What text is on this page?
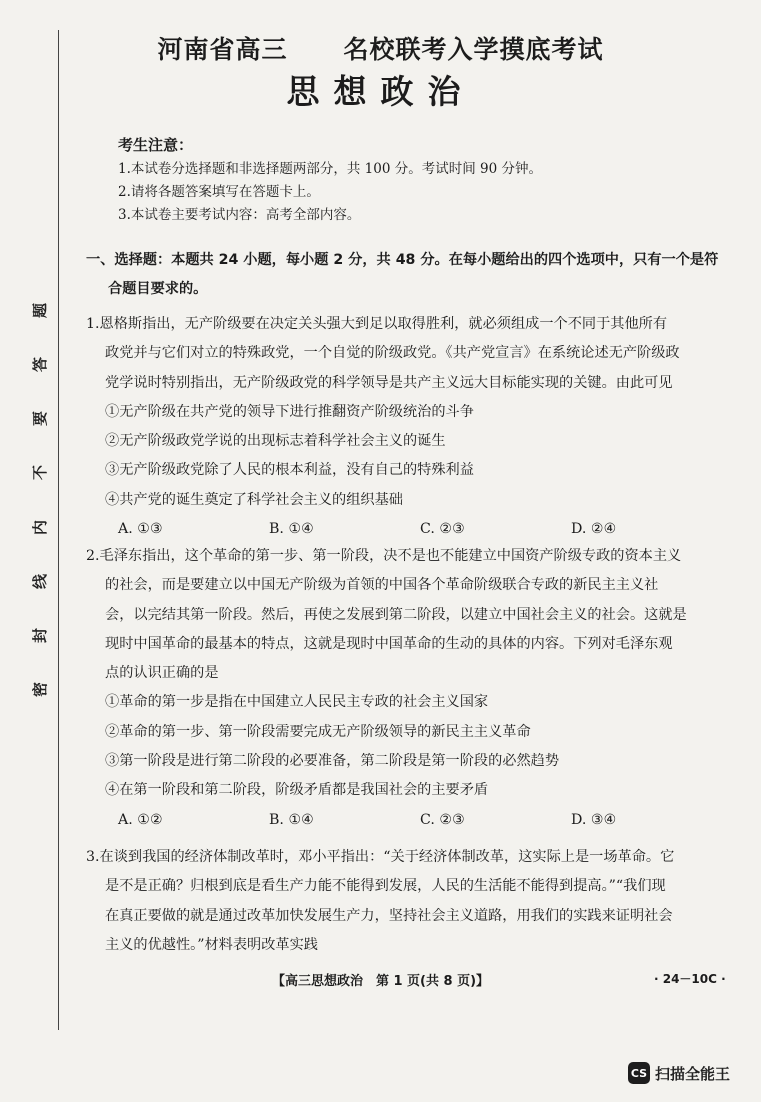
密
封
线
内
不
要
答
题
河南省高三 名校联考入学摸底考试
思想政治
考生注意：
1.本试卷分选择题和非选择题两部分，共 100 分。考试时间 90 分钟。
2.请将各题答案填写在答题卡上。
3.本试卷主要考试内容：高考全部内容。
一、选择题：本题共 24 小题，每小题 2 分，共 48 分。在每小题给出的四个选项中，只有一个是符
合题目要求的。

1.恩格斯指出，无产阶级要在决定关头强大到足以取得胜利，就必须组成一个不同于其他所有

政党并与它们对立的特殊政党，一个自觉的阶级政党。《共产党宣言》在系统论述无产阶级政

党学说时特别指出，无产阶级政党的科学领导是共产主义远大目标能实现的关键。由此可见

①无产阶级在共产党的领导下进行推翻资产阶级统治的斗争

②无产阶级政党学说的出现标志着科学社会主义的诞生

③无产阶级政党除了人民的根本利益，没有自己的特殊利益

④共产党的诞生奠定了科学社会主义的组织基础

A. ①③	B. ①④	C. ②③	D. ②④

2.毛泽东指出，这个革命的第一步、第一阶段，决不是也不能建立中国资产阶级专政的资本主义

的社会，而是要建立以中国无产阶级为首领的中国各个革命阶级联合专政的新民主主义社

会，以完结其第一阶段。然后，再使之发展到第二阶段，以建立中国社会主义的社会。这就是

现时中国革命的最基本的特点，这就是现时中国革命的生动的具体的内容。下列对毛泽东观

点的认识正确的是

①革命的第一步是指在中国建立人民民主专政的社会主义国家

②革命的第一步、第一阶段需要完成无产阶级领导的新民主主义革命

③第一阶段是进行第二阶段的必要准备，第二阶段是第一阶段的必然趋势

④在第一阶段和第二阶段，阶级矛盾都是我国社会的主要矛盾

A. ①②	B. ①④	C. ②③	D. ③④

3.在谈到我国的经济体制改革时，邓小平指出：“关于经济体制改革，这实际上是一场革命。它

是不是正确？归根到底是看生产力能不能得到发展，人民的生活能不能得到提高。”“我们现

在真正要做的就是通过改革加快发展生产力，坚持社会主义道路，用我们的实践来证明社会

主义的优越性。”材料表明改革实践

【高三思想政治　第 1 页(共 8 页)】	· 24－10C ·
CS 扫描全能王
